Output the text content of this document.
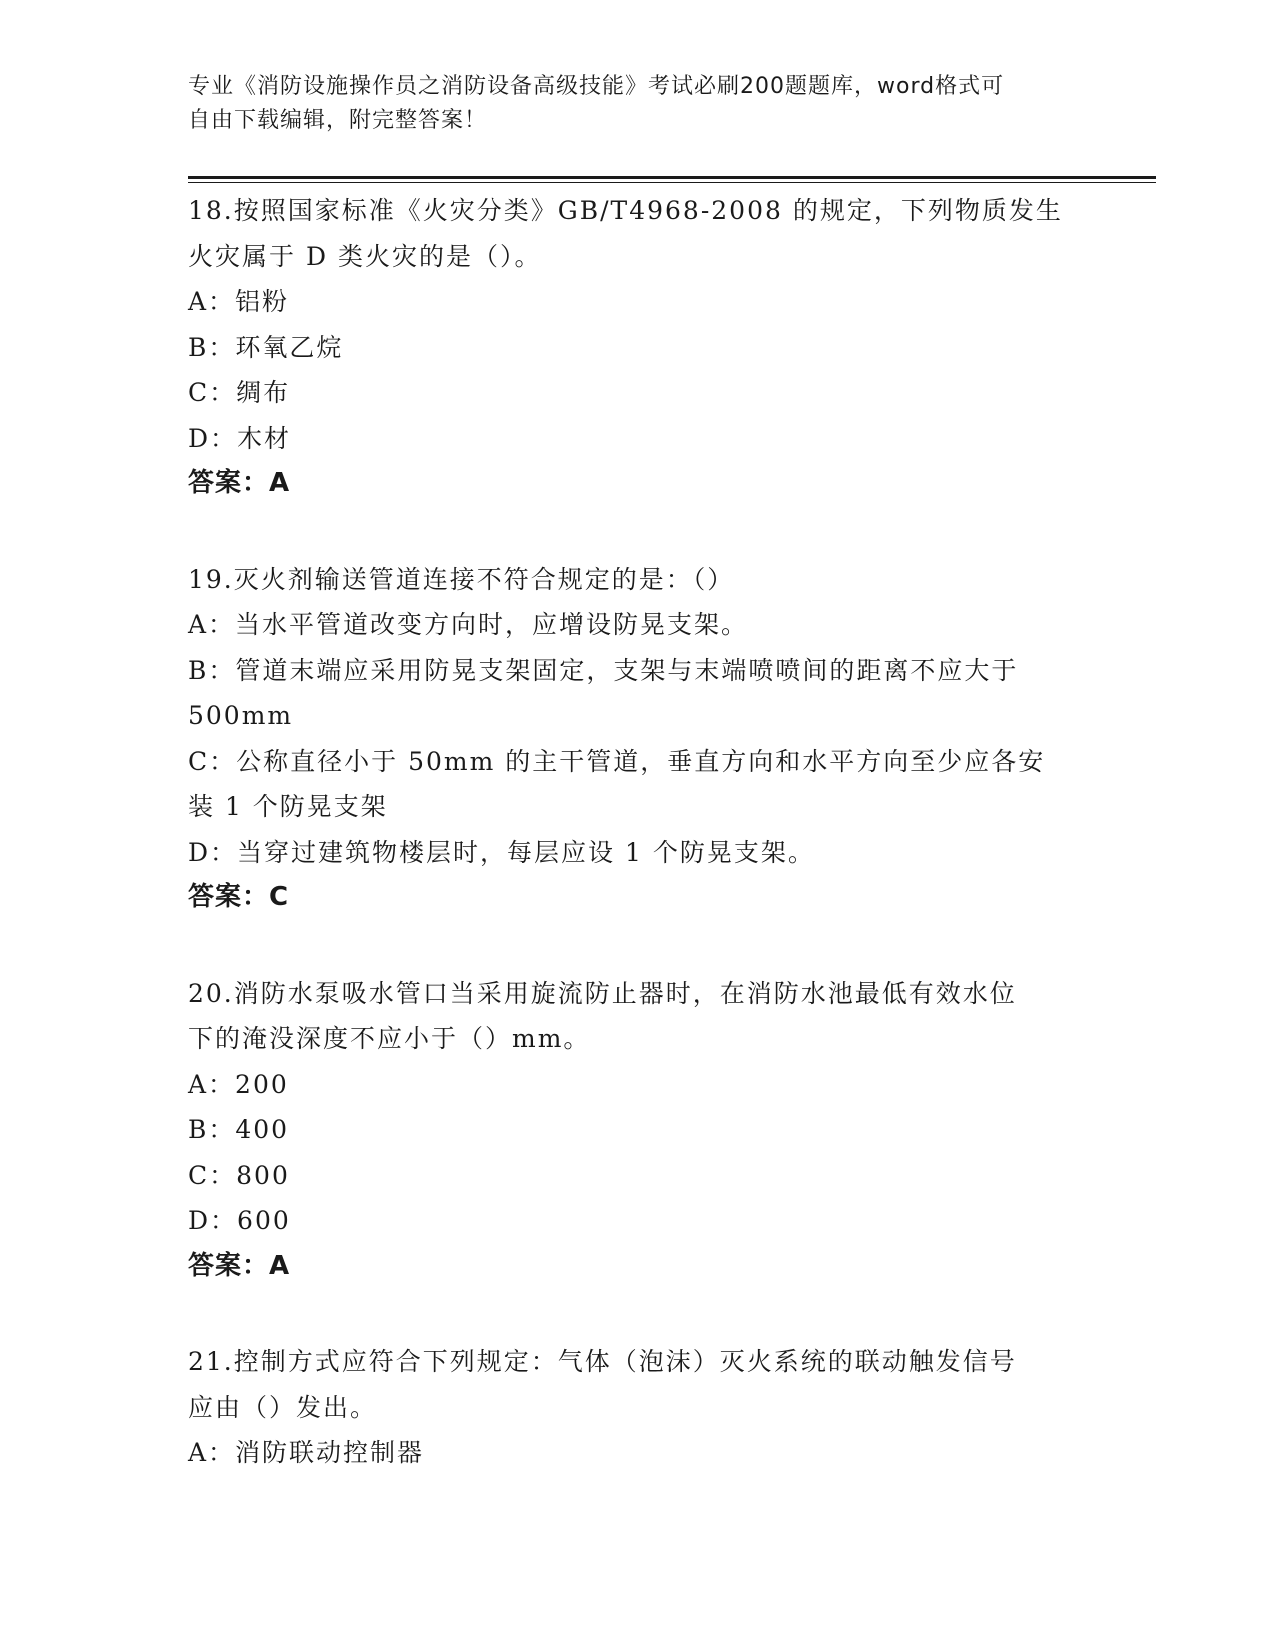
专业《消防设施操作员之消防设备高级技能》考试必刷200题题库，word格式可
自由下载编辑，附完整答案！
18.按照国家标准《火灾分类》GB/T4968-2008 的规定，下列物质发生
火灾属于 D 类火灾的是（）。
A：铝粉
B：环氧乙烷
C：绸布
D：木材
答案：A
19.灭火剂输送管道连接不符合规定的是：（）
A：当水平管道改变方向时，应增设防晃支架。
B：管道末端应采用防晃支架固定，支架与末端喷喷间的距离不应大于
500mm
C：公称直径小于 50mm 的主干管道，垂直方向和水平方向至少应各安
装 1 个防晃支架
D：当穿过建筑物楼层时，每层应设 1 个防晃支架。
答案：C
20.消防水泵吸水管口当采用旋流防止器时，在消防水池最低有效水位
下的淹没深度不应小于（）mm。
A：200
B：400
C：800
D：600
答案：A
21.控制方式应符合下列规定：气体（泡沫）灭火系统的联动触发信号
应由（）发出。
A：消防联动控制器
